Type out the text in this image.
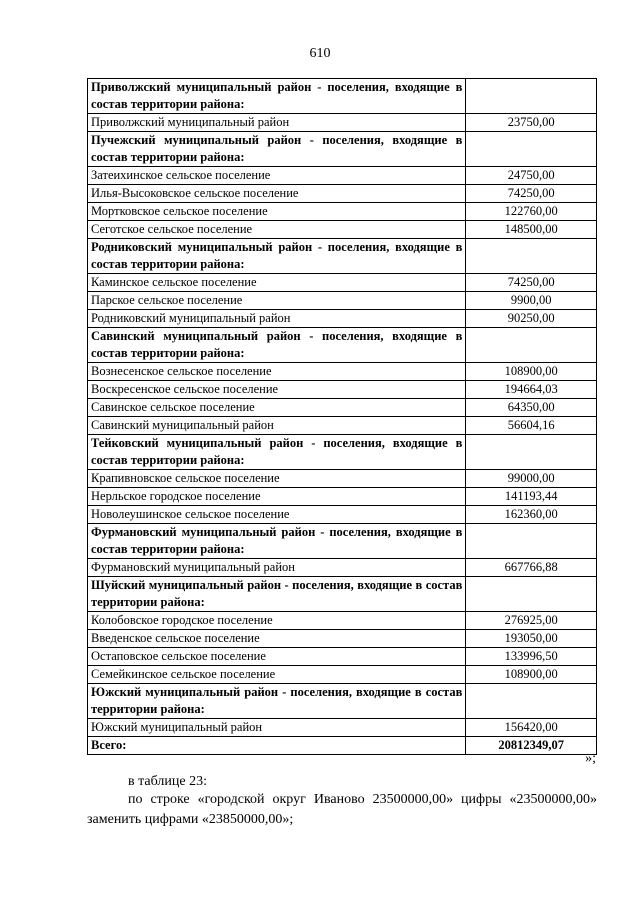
610
Приволжский муниципальный район - поселения, входящие в состав территории района:	
Приволжский муниципальный район	23750,00
Пучежский муниципальный район - поселения, входящие в состав территории района:	
Затеихинское сельское поселение	24750,00
Илья-Высоковское сельское поселение	74250,00
Мортковское сельское поселение	122760,00
Сеготское сельское поселение	148500,00
Родниковский муниципальный район - поселения, входящие в состав территории района:	
Каминское сельское поселение	74250,00
Парское сельское поселение	9900,00
Родниковский муниципальный район	90250,00
Савинский муниципальный район - поселения, входящие в состав территории района:	
Вознесенское сельское поселение	108900,00
Воскресенское сельское поселение	194664,03
Савинское сельское поселение	64350,00
Савинский муниципальный район	56604,16
Тейковский муниципальный район - поселения, входящие в состав территории района:	
Крапивновское сельское поселение	99000,00
Нерльское городское поселение	141193,44
Новолеушинское сельское поселение	162360,00
Фурмановский муниципальный район - поселения, входящие в состав территории района:	
Фурмановский муниципальный район	667766,88
Шуйский муниципальный район - поселения, входящие в состав территории района:	
Колобовское городское поселение	276925,00
Введенское сельское поселение	193050,00
Остаповское сельское поселение	133996,50
Семейкинское сельское поселение	108900,00
Южский муниципальный район - поселения, входящие в состав территории района:	
Южский муниципальный район	156420,00
Всего:	20812349,07
»;
в таблице 23:
по строке «городской округ Иваново 23500000,00» цифры «23500000,00» заменить цифрами «23850000,00»;
